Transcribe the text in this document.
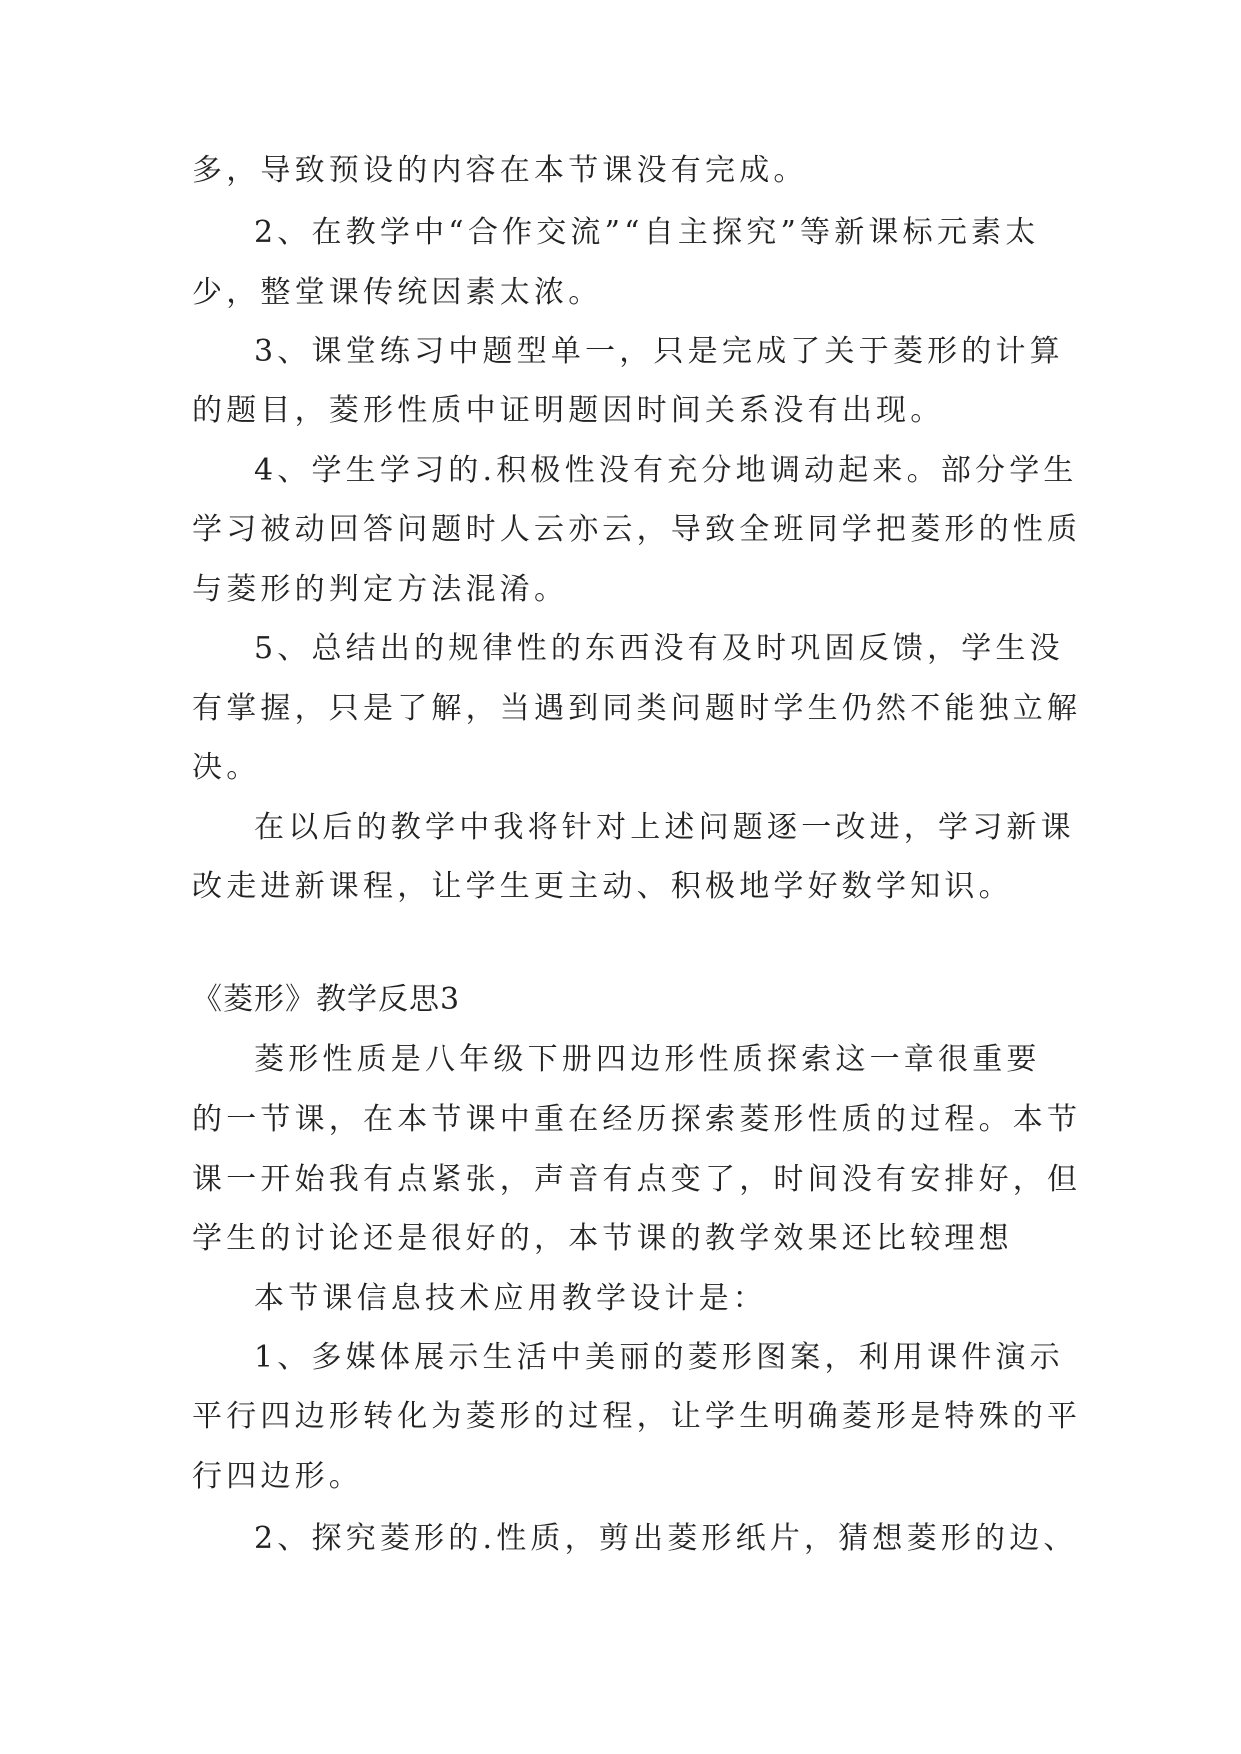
多，导致预设的内容在本节课没有完成。
2、在教学中“合作交流”“自主探究”等新课标元素太
少，整堂课传统因素太浓。
3、课堂练习中题型单一，只是完成了关于菱形的计算
的题目，菱形性质中证明题因时间关系没有出现。
4、学生学习的.积极性没有充分地调动起来。部分学生
学习被动回答问题时人云亦云，导致全班同学把菱形的性质
与菱形的判定方法混淆。
5、总结出的规律性的东西没有及时巩固反馈，学生没
有掌握，只是了解，当遇到同类问题时学生仍然不能独立解
决。
在以后的教学中我将针对上述问题逐一改进，学习新课
改走进新课程，让学生更主动、积极地学好数学知识。
《菱形》教学反思3
菱形性质是八年级下册四边形性质探索这一章很重要
的一节课，在本节课中重在经历探索菱形性质的过程。本节
课一开始我有点紧张，声音有点变了，时间没有安排好，但
学生的讨论还是很好的，本节课的教学效果还比较理想
本节课信息技术应用教学设计是：
1、多媒体展示生活中美丽的菱形图案，利用课件演示
平行四边形转化为菱形的过程，让学生明确菱形是特殊的平
行四边形。
2、探究菱形的.性质，剪出菱形纸片，猜想菱形的边、
